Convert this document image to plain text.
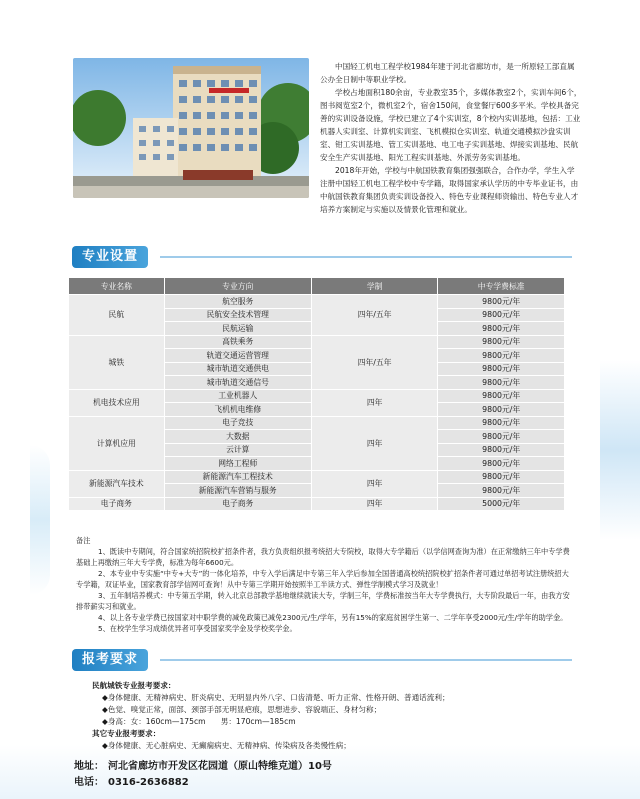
中国轻工机电工程学校1984年建于河北省廊坊市，是一所原轻工部直属公办全日制中等职业学校。

学校占地面积180余亩，专业教室35个，多媒体教室2个，实训车间6个，图书阅览室2个，微机室2个，宿舍150间，食堂餐厅600多平米。学校具备完善的实训设备设施，学校已建立了4个实训室，8个校内实训基地，包括：工业机器人实训室、计算机实训室、飞机模拟仓实训室、轨道交通模拟沙盘实训室、钳工实训基地、管工实训基地、电工电子实训基地、焊接实训基地、民航安全生产实训基地、阳光工程实训基地、外派劳务实训基地。

2018年开始，学校与中航国铁教育集团强强联合，合作办学，学生入学注册中国轻工机电工程学校中专学籍，取得国家承认学历的中专毕业证书，由中航国铁教育集团负责实训设备投入、特色专业课程师资输出、特色专业人才培养方案制定与实施以及情景化管理和就业。

专业设置
专业名称	专业方向	学制	中专学费标准
民航	航空服务	四年/五年	9800元/年
	民航安全技术管理		9800元/年
	民航运输		9800元/年
城铁	高铁乘务	四年/五年	9800元/年
	轨道交通运营管理		9800元/年
	城市轨道交通供电		9800元/年
	城市轨道交通信号		9800元/年
机电技术应用	工业机器人	四年	9800元/年
	飞机机电维修		9800元/年
计算机应用	电子竞技	四年	9800元/年
	大数据		9800元/年
	云计算		9800元/年
	网络工程师		9800元/年
新能源汽车技术	新能源汽车工程技术	四年	9800元/年
	新能源汽车营销与服务		9800元/年
电子商务	电子商务	四年	5000元/年

备注

1、既读中专期间，符合国家统招院校扩招条件者，我方负责组织报考统招大专院校，取得大专学籍后（以学信网查询为准）在正常缴纳三年中专学费基础上再缴纳三年大专学费，标准为每年6600元。

2、本专业中专实施“中专+大专”的一体化培养，中专入学后满足中专第三年入学后参加全国普通高校统招院校扩招条件者可通过单招考试注册统招大专学籍，双证毕业，国家教育部学信网可查询！从中专第三学期开始按照半工半读方式、弹性学制模式学习及就业！

3、五年制培养模式：中专第五学期，转入北京总部教学基地继续就读大专，学制三年，学费标准按当年大专学费执行，大专阶段最后一年，由我方安排带薪实习和就业。

4、以上各专业学费已按国家对中职学费的减免政策已减免2300元/生/学年，另有15%的家庭贫困学生第一、二学年享受2000元/生/学年的助学金。

5、在校学生学习成绩优异者可享受国家奖学金及学校奖学金。

报考要求

民航城铁专业报考要求：

◆身体健康、无精神病史、肝炎病史、无明显内外八字、口齿清楚、听力正常、性格开朗、普通话流利；

◆色觉、嗅觉正常，面部、颈部手部无明显疤痕，思想进步、容貌端正、身材匀称；

◆身高：女：160cm—175cm　　男：170cm—185cm

其它专业报考要求：

◆身体健康、无心脏病史、无癫痫病史、无精神病、传染病及各类慢性病；

地址： 河北省廊坊市开发区花园道（原山特维克道）10号
电话： 0316-2636882
